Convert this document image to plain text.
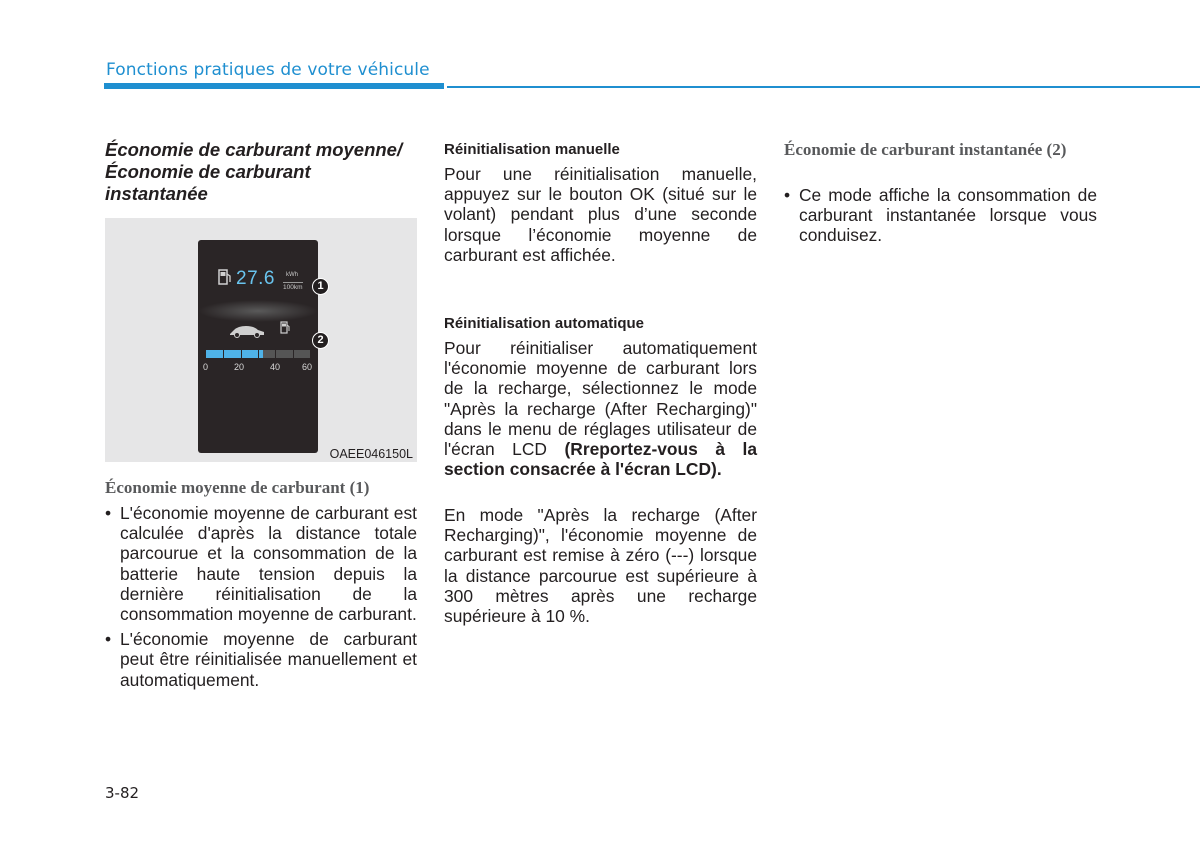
Fonctions pratiques de votre véhicule
Économie de carburant moyenne/Économie de carburant instantanée
27.6 kWh
100km
0	20	40 60
1
2
OAEE046150L
Économie moyenne de carburant (1)
• L'économie moyenne de carburant est calculée d'après la distance totale parcourue et la consommation de la batterie haute tension depuis la dernière réinitialisation de la consommation moyenne de carburant.
• L'économie moyenne de carburant peut être réinitialisée manuellement et automatiquement.
Réinitialisation manuelle
Pour une réinitialisation manuelle, appuyez sur le bouton OK (situé sur le volant) pendant plus d’une seconde lorsque l’économie moyenne de carburant est affichée.
Réinitialisation automatique
Pour réinitialiser automatiquement l'économie moyenne de carburant lors de la recharge, sélectionnez le mode "Après la recharge (After Recharging)" dans le menu de réglages utilisateur de l'écran LCD (Rreportez-vous à la section consacrée à l'écran LCD).
En mode "Après la recharge (After Recharging)", l'économie moyenne de carburant est remise à zéro (---) lorsque la distance parcourue est supérieure à 300 mètres après une recharge supérieure à 10 %.
Économie de carburant instantanée (2)
• Ce mode affiche la consommation de carburant instantanée lorsque vous conduisez.
3-82
